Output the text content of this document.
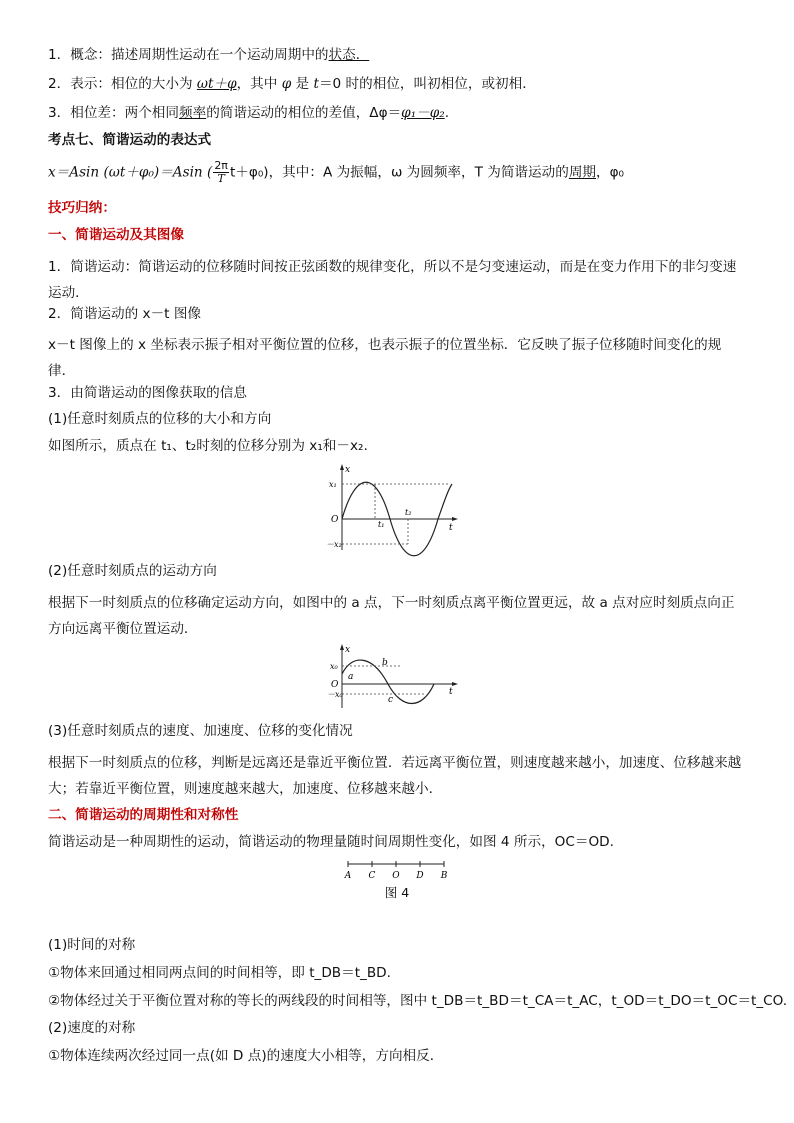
1．概念：描述周期性运动在一个运动周期中的状态．
2．表示：相位的大小为 ωt＋φ，其中 φ 是 t＝0 时的相位，叫初相位，或初相．
3．相位差：两个相同频率的简谐运动的相位的差值，Δφ＝φ₁－φ₂.
考点七、简谐运动的表达式
x＝Asin (ωt＋φ₀)＝Asin ( $\frac{2\pi}{T} t+\varphi_0$)，其中：A 为振幅，ω 为圆频率，T 为简谐运动的周期，φ₀
技巧归纳：
一、简谐运动及其图像
1．简谐运动：简谐运动的位移随时间按正弦函数的规律变化，所以不是匀变速运动，而是在变力作用下的非匀变速运动．
2．简谐运动的 x－t 图像
x－t 图像上的 x 坐标表示振子相对平衡位置的位移，也表示振子的位置坐标．它反映了振子位移随时间变化的规律．
3．由简谐运动的图像获取的信息
(1)任意时刻质点的位移的大小和方向
如图所示，质点在 t₁、t₂时刻的位移分别为 x₁和－x₂.
x
t
O
x₁
－x₂
t₁
t₂
(2)任意时刻质点的运动方向
根据下一时刻质点的位移确定运动方向，如图中的 a 点，下一时刻质点离平衡位置更远，故 a 点对应时刻质点向正方向远离平衡位置运动．
x
t
O
x₀
－x₀
a
b
c
(3)任意时刻质点的速度、加速度、位移的变化情况
根据下一时刻质点的位移，判断是远离还是靠近平衡位置．若远离平衡位置，则速度越来越小，加速度、位移越来越大；若靠近平衡位置，则速度越来越大，加速度、位移越来越小．
二、简谐运动的周期性和对称性
简谐运动是一种周期性的运动，简谐运动的物理量随时间周期性变化，如图 4 所示，OC＝OD.
A C O D B
图 4
(1)时间的对称
①物体来回通过相同两点间的时间相等，即 t_DB＝t_BD.
②物体经过关于平衡位置对称的等长的两线段的时间相等，图中 t_DB＝t_BD＝t_CA＝t_AC，t_OD＝t_DO＝t_OC＝t_CO.
(2)速度的对称
①物体连续两次经过同一点(如 D 点)的速度大小相等，方向相反．
